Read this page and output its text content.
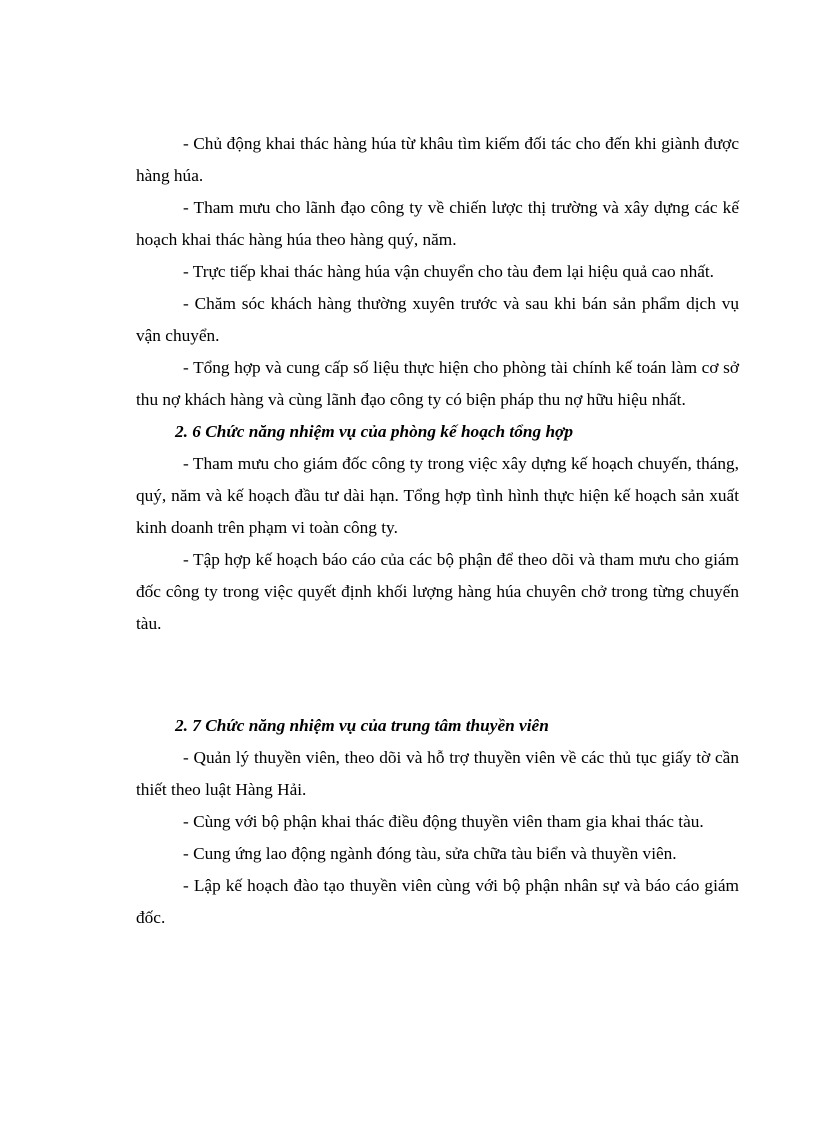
- Chủ động khai thác hàng húa từ khâu tìm kiếm đối tác cho đến khi giành được hàng húa.

- Tham mưu cho lãnh đạo công ty về chiến lược thị trường và xây dựng các kế hoạch khai thác hàng húa theo hàng quý, năm.

- Trực tiếp khai thác hàng húa vận chuyển cho tàu đem lại hiệu quả cao nhất.

- Chăm sóc khách hàng thường xuyên trước và sau khi bán sản phẩm dịch vụ vận chuyển.

- Tổng hợp và cung cấp số liệu thực hiện cho phòng tài chính kế toán làm cơ sở thu nợ khách hàng và cùng lãnh đạo công ty có biện pháp thu nợ hữu hiệu nhất.

2. 6 Chức năng nhiệm vụ của phòng kế hoạch tổng hợp

- Tham mưu cho giám đốc công ty trong việc xây dựng kế hoạch chuyến, tháng, quý, năm và kế hoạch đầu tư dài hạn. Tổng hợp tình hình thực hiện kế hoạch sản xuất kinh doanh trên phạm vi toàn công ty.

- Tập hợp kế hoạch báo cáo của các bộ phận để theo dõi và tham mưu cho giám đốc công ty trong việc quyết định khối lượng hàng húa chuyên chở trong từng chuyến tàu.

2. 7 Chức năng nhiệm vụ của trung tâm thuyền viên

- Quản lý thuyền viên, theo dõi và hỗ trợ thuyền viên về các thủ tục giấy tờ cần thiết theo luật Hàng Hải.

- Cùng với bộ phận khai thác điều động thuyền viên tham gia khai thác tàu.

- Cung ứng lao động ngành đóng tàu, sửa chữa tàu biển và thuyền viên.

- Lập kế hoạch đào tạo thuyền viên cùng với bộ phận nhân sự và báo cáo giám đốc.
